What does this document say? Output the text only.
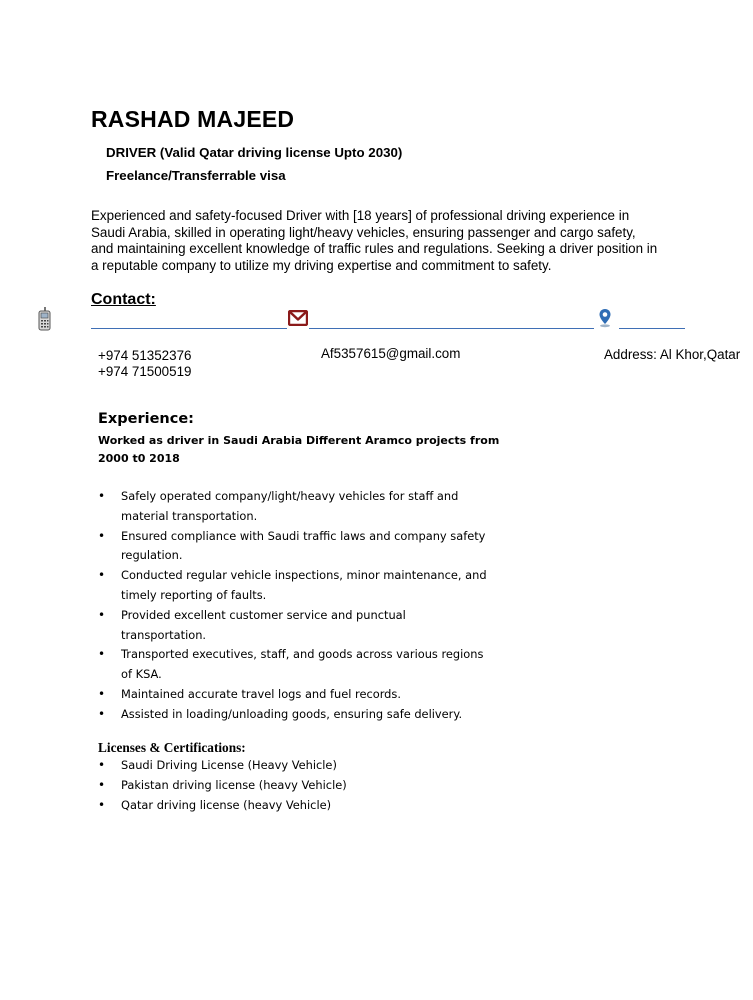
RASHAD MAJEED
DRIVER (Valid Qatar driving license Upto 2030)
Freelance/Transferrable visa
Experienced and safety-focused Driver with [18 years] of professional driving experience in
Saudi Arabia, skilled in operating light/heavy vehicles, ensuring passenger and cargo safety,
and maintaining excellent knowledge of traffic rules and regulations. Seeking a driver position in
a reputable company to utilize my driving expertise and commitment to safety.
Contact:
+974 51352376
+974 71500519
Af5357615@gmail.com	Address: Al Khor,Qatar
Experience:
Worked as driver in Saudi Arabia Different Aramco projects from
2000 t0 2018
• Safely operated company/light/heavy vehicles for staff and
material transportation.
• Ensured compliance with Saudi traffic laws and company safety
regulation.
• Conducted regular vehicle inspections, minor maintenance, and
timely reporting of faults.
• Provided excellent customer service and punctual
transportation.
• Transported executives, staff, and goods across various regions
of KSA.
• Maintained accurate travel logs and fuel records.
• Assisted in loading/unloading goods, ensuring safe delivery.
Licenses & Certifications:
• Saudi Driving License (Heavy Vehicle)
• Pakistan driving license (heavy Vehicle)
• Qatar driving license (heavy Vehicle)
